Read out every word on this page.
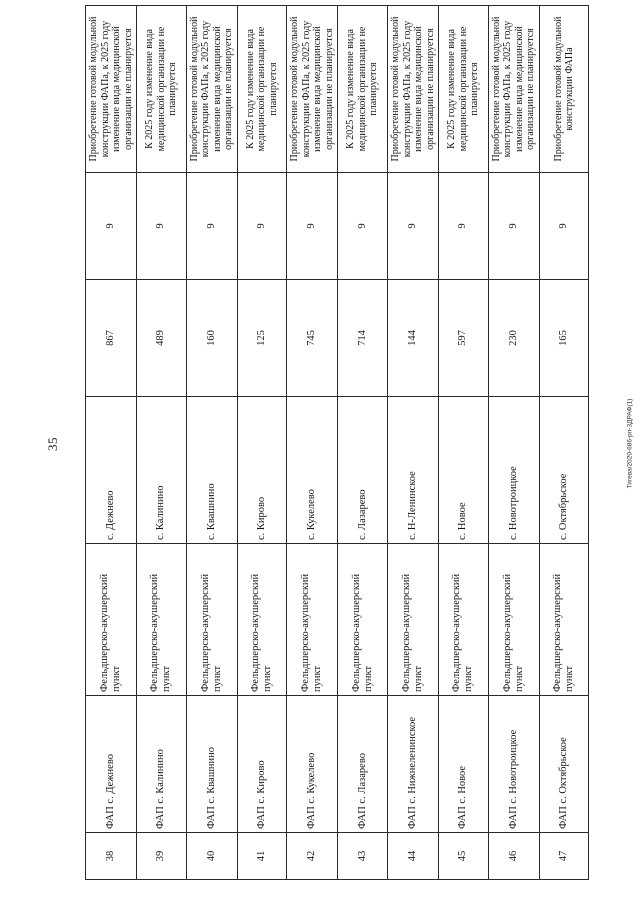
35	Тигева/2020-686-рп-3ДРАФ(1)
38	ФАП с. Дежнево	Фельдшерско-акушерский пункт	с. Дежнево	867	9	Приобретение готовой модульной конструкции ФАПа, к 2025 году изменение вида медицинской организации не планируется
39	ФАП с. Калинино	Фельдшерско-акушерский пункт	с. Калинино	489	9	К 2025 году изменение вида медицинской организации не планируется
40	ФАП с. Квашнино	Фельдшерско-акушерский пункт	с. Квашнино	160	9	Приобретение готовой модульной конструкции ФАПа, к 2025 году изменение вида медицинской организации не планируется
41	ФАП с. Кирово	Фельдшерско-акушерский пункт	с. Кирово	125	9	К 2025 году изменение вида медицинской организации не планируется
42	ФАП с. Кукелево	Фельдшерско-акушерский пункт	с. Кукелево	745	9	Приобретение готовой модульной конструкции ФАПа, к 2025 году изменение вида медицинской организации не планируется
43	ФАП с. Лазарево	Фельдшерско-акушерский пункт	с. Лазарево	714	9	К 2025 году изменение вида медицинской организации не планируется
44	ФАП с. Нижнеленинское	Фельдшерско-акушерский пункт	с. Н-Ленинское	144	9	Приобретение готовой модульной конструкции ФАПа, к 2025 году изменение вида медицинской организации не планируется
45	ФАП с. Новое	Фельдшерско-акушерский пункт	с. Новое	597	9	К 2025 году изменение вида медицинской организации не планируется
46	ФАП с. Новотроицкое	Фельдшерско-акушерский пункт	с. Новотроицкое	230	9	Приобретение готовой модульной конструкции ФАПа, к 2025 году изменение вида медицинской организации не планируется
47	ФАП с. Октябрьское	Фельдшерско-акушерский пункт	с. Октябрьское	165	9	Приобретение готовой модульной конструкции ФАПа
